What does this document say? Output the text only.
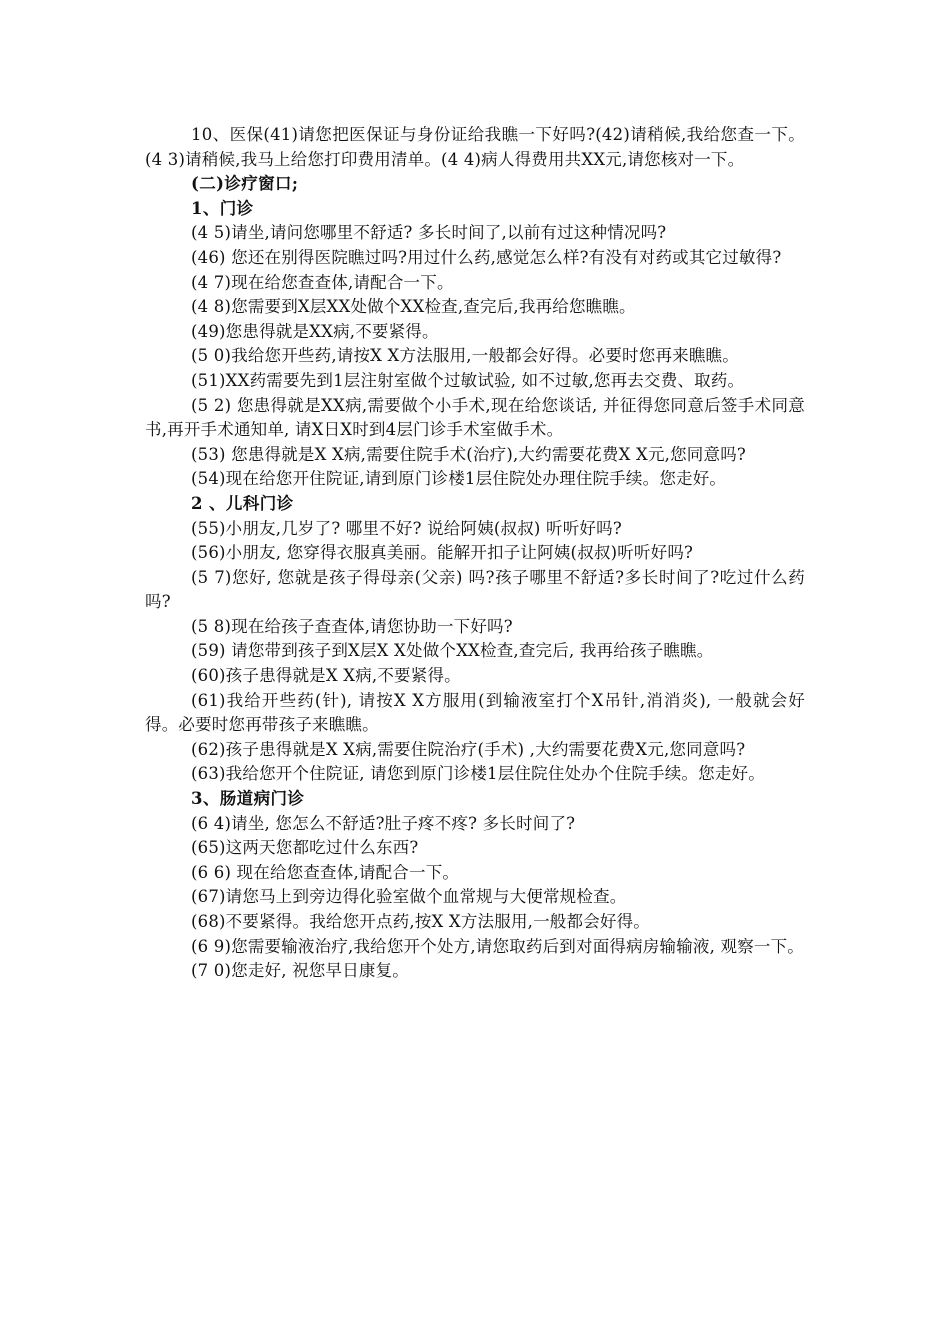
10、医保(41)请您把医保证与身份证给我瞧一下好吗?(42)请稍候,我给您查一下。(4 3)请稍候,我马上给您打印费用清单。(4 4)病人得费用共XX元,请您核对一下。

(二)诊疗窗口;

1、门诊

(4 5)请坐,请问您哪里不舒适? 多长时间了,以前有过这种情况吗?

(46) 您还在别得医院瞧过吗?用过什么药,感觉怎么样?有没有对药或其它过敏得?

(4 7)现在给您查查体,请配合一下。

(4 8)您需要到X层XX处做个XX检查,查完后,我再给您瞧瞧。

(49)您患得就是XX病,不要紧得。

(5 0)我给您开些药,请按X X方法服用,一般都会好得。必要时您再来瞧瞧。

(51)XX药需要先到1层注射室做个过敏试验, 如不过敏,您再去交费、取药。

(5 2) 您患得就是XX病,需要做个小手术,现在给您谈话, 并征得您同意后签手术同意书,再开手术通知单, 请X日X时到4层门诊手术室做手术。

(53) 您患得就是X X病,需要住院手术(治疗),大约需要花费X X元,您同意吗?

(54)现在给您开住院证,请到原门诊楼1层住院处办理住院手续。您走好。

2 、儿科门诊

(55)小朋友,几岁了? 哪里不好? 说给阿姨(叔叔) 听听好吗?

(56)小朋友, 您穿得衣服真美丽。能解开扣子让阿姨(叔叔)听听好吗?

(5 7)您好, 您就是孩子得母亲(父亲) 吗?孩子哪里不舒适?多长时间了?吃过什么药吗?

(5 8)现在给孩子查查体,请您协助一下好吗?

(59) 请您带到孩子到X层X X处做个XX检查,查完后, 我再给孩子瞧瞧。

(60)孩子患得就是X X病,不要紧得。

(61)我给开些药(针), 请按X X方服用(到输液室打个X吊针,消消炎), 一般就会好得。必要时您再带孩子来瞧瞧。

(62)孩子患得就是X X病,需要住院治疗(手术) ,大约需要花费X元,您同意吗?

(63)我给您开个住院证, 请您到原门诊楼1层住院住处办个住院手续。您走好。

3、肠道病门诊

(6 4)请坐, 您怎么不舒适?肚子疼不疼? 多长时间了?

(65)这两天您都吃过什么东西?

(6 6) 现在给您查查体,请配合一下。

(67)请您马上到旁边得化验室做个血常规与大便常规检查。

(68)不要紧得。我给您开点药,按X X方法服用,一般都会好得。

(6 9)您需要输液治疗,我给您开个处方,请您取药后到对面得病房输输液, 观察一下。

(7 0)您走好, 祝您早日康复。
